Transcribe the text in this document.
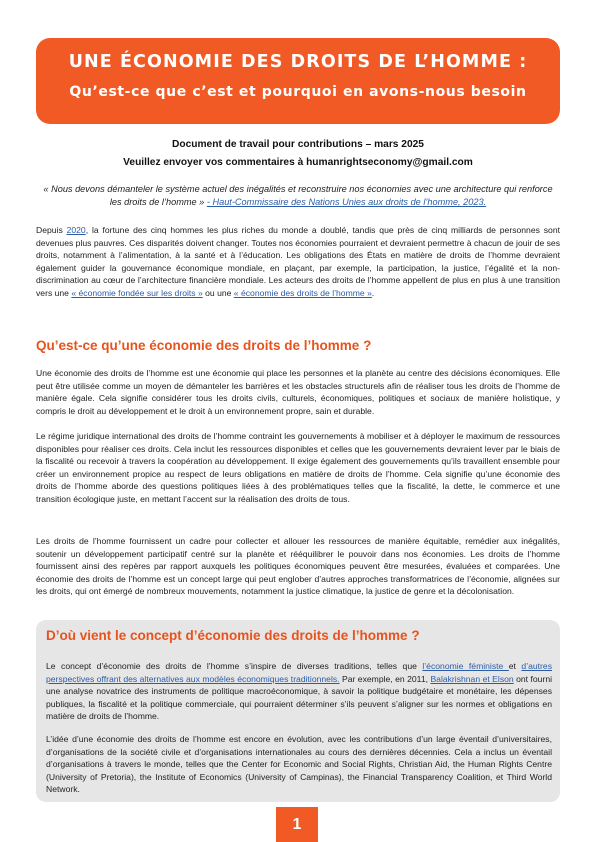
UNE ÉCONOMIE DES DROITS DE L’HOMME :
Qu’est-ce que c’est et pourquoi en avons-nous besoin
Document de travail pour contributions – mars 2025
Veuillez envoyer vos commentaires à humanrightseconomy@gmail.com
« Nous devons démanteler le système actuel des inégalités et reconstruire nos économies avec une architecture qui renforce les droits de l’homme » - Haut-Commissaire des Nations Unies aux droits de l’homme, 2023.
Depuis 2020, la fortune des cinq hommes les plus riches du monde a doublé, tandis que près de cinq milliards de personnes sont devenues plus pauvres. Ces disparités doivent changer. Toutes nos économies pourraient et devraient permettre à chacun de jouir de ses droits, notamment à l’alimentation, à la santé et à l’éducation. Les obligations des États en matière de droits de l’homme devraient également guider la gouvernance économique mondiale, en plaçant, par exemple, la participation, la justice, l’égalité et la non-discrimination au cœur de l’architecture financière mondiale. Les acteurs des droits de l’homme appellent de plus en plus à une transition vers une « économie fondée sur les droits » ou une « économie des droits de l’homme ».
Qu’est-ce qu’une économie des droits de l’homme ?
Une économie des droits de l’homme est une économie qui place les personnes et la planète au centre des décisions économiques. Elle peut être utilisée comme un moyen de démanteler les barrières et les obstacles structurels afin de réaliser tous les droits de l’homme de manière égale. Cela signifie considérer tous les droits civils, culturels, économiques, politiques et sociaux de manière holistique, y compris le droit au développement et le droit à un environnement propre, sain et durable.
Le régime juridique international des droits de l’homme contraint les gouvernements à mobiliser et à déployer le maximum de ressources disponibles pour réaliser ces droits. Cela inclut les ressources disponibles et celles que les gouvernements devraient lever par le biais de la fiscalité ou recevoir à travers la coopération au développement. Il exige également des gouvernements qu’ils travaillent ensemble pour créer un environnement propice au respect de leurs obligations en matière de droits de l’homme. Cela signifie qu’une économie des droits de l’homme aborde des questions politiques liées à des problématiques telles que la fiscalité, la dette, le commerce et une transition écologique juste, en mettant l’accent sur la réalisation des droits de tous.
Les droits de l’homme fournissent un cadre pour collecter et allouer les ressources de manière équitable, remédier aux inégalités, soutenir un développement participatif centré sur la planète et rééquilibrer le pouvoir dans nos économies. Les droits de l’homme fournissent ainsi des repères par rapport auxquels les politiques économiques peuvent être mesurées, évaluées et comparées. Une économie des droits de l’homme est un concept large qui peut englober d’autres approches transformatrices de l’économie, alignées sur les droits, qui ont émergé de nombreux mouvements, notamment la justice climatique, la justice de genre et la décolonisation.
D’où vient le concept d’économie des droits de l’homme ?
Le concept d’économie des droits de l’homme s’inspire de diverses traditions, telles que l’économie féministe et d’autres perspectives offrant des alternatives aux modèles économiques traditionnels. Par exemple, en 2011, Balakrishnan et Elson ont fourni une analyse novatrice des instruments de politique macroéconomique, à savoir la politique budgétaire et monétaire, les dépenses publiques, la fiscalité et la politique commerciale, qui pourraient déterminer s’ils peuvent s’aligner sur les normes et obligations en matière de droits de l’homme.
L’idée d’une économie des droits de l’homme est encore en évolution, avec les contributions d’un large éventail d’universitaires, d’organisations de la société civile et d’organisations internationales au cours des dernières décennies. Cela a inclus un éventail d’organisations à travers le monde, telles que the Center for Economic and Social Rights, Christian Aid, the Human Rights Centre (University of Pretoria), the Institute of Economics (University of Campinas), the Financial Transparency Coalition, et Third World Network.
1
